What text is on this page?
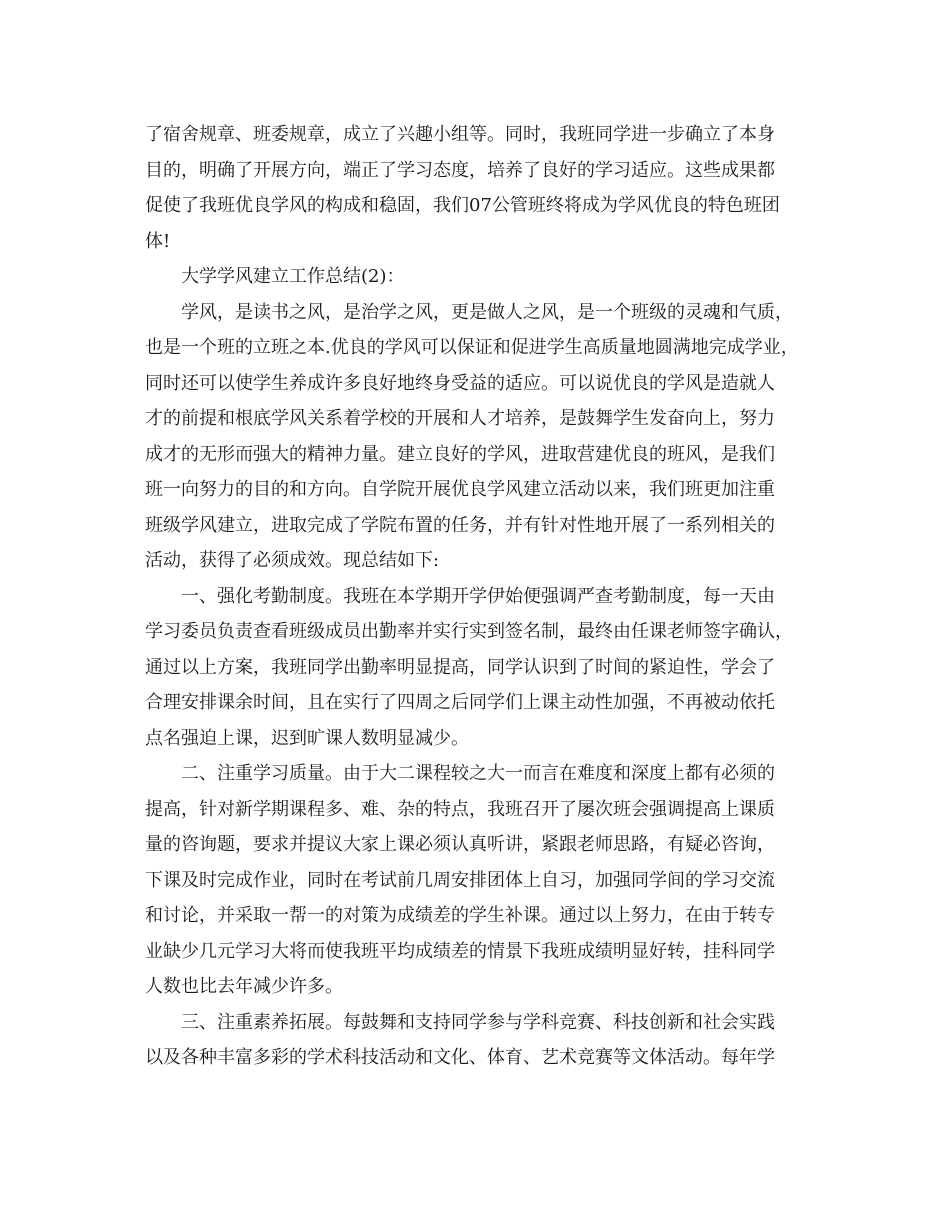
了宿舍规章、班委规章，成立了兴趣小组等。同时，我班同学进一步确立了本身
目的，明确了开展方向，端正了学习态度，培养了良好的学习适应。这些成果都
促使了我班优良学风的构成和稳固，我们07公管班终将成为学风优良的特色班团
体!
大学学风建立工作总结(2)：
学风，是读书之风，是治学之风，更是做人之风，是一个班级的灵魂和气质，
也是一个班的立班之本.优良的学风可以保证和促进学生高质量地圆满地完成学业，
同时还可以使学生养成许多良好地终身受益的适应。可以说优良的学风是造就人
才的前提和根底学风关系着学校的开展和人才培养，是鼓舞学生发奋向上，努力
成才的无形而强大的精神力量。建立良好的学风，进取营建优良的班风，是我们
班一向努力的目的和方向。自学院开展优良学风建立活动以来，我们班更加注重
班级学风建立，进取完成了学院布置的任务，并有针对性地开展了一系列相关的
活动，获得了必须成效。现总结如下:
一、强化考勤制度。我班在本学期开学伊始便强调严查考勤制度，每一天由
学习委员负责查看班级成员出勤率并实行实到签名制，最终由任课老师签字确认，
通过以上方案，我班同学出勤率明显提高，同学认识到了时间的紧迫性，学会了
合理安排课余时间，且在实行了四周之后同学们上课主动性加强，不再被动依托
点名强迫上课，迟到旷课人数明显减少。
二、注重学习质量。由于大二课程较之大一而言在难度和深度上都有必须的
提高，针对新学期课程多、难、杂的特点，我班召开了屡次班会强调提高上课质
量的咨询题，要求并提议大家上课必须认真听讲，紧跟老师思路，有疑必咨询，
下课及时完成作业，同时在考试前几周安排团体上自习，加强同学间的学习交流
和讨论，并采取一帮一的对策为成绩差的学生补课。通过以上努力，在由于转专
业缺少几元学习大将而使我班平均成绩差的情景下我班成绩明显好转，挂科同学
人数也比去年减少许多。
三、注重素养拓展。每鼓舞和支持同学参与学科竞赛、科技创新和社会实践
以及各种丰富多彩的学术科技活动和文化、体育、艺术竞赛等文体活动。每年学
